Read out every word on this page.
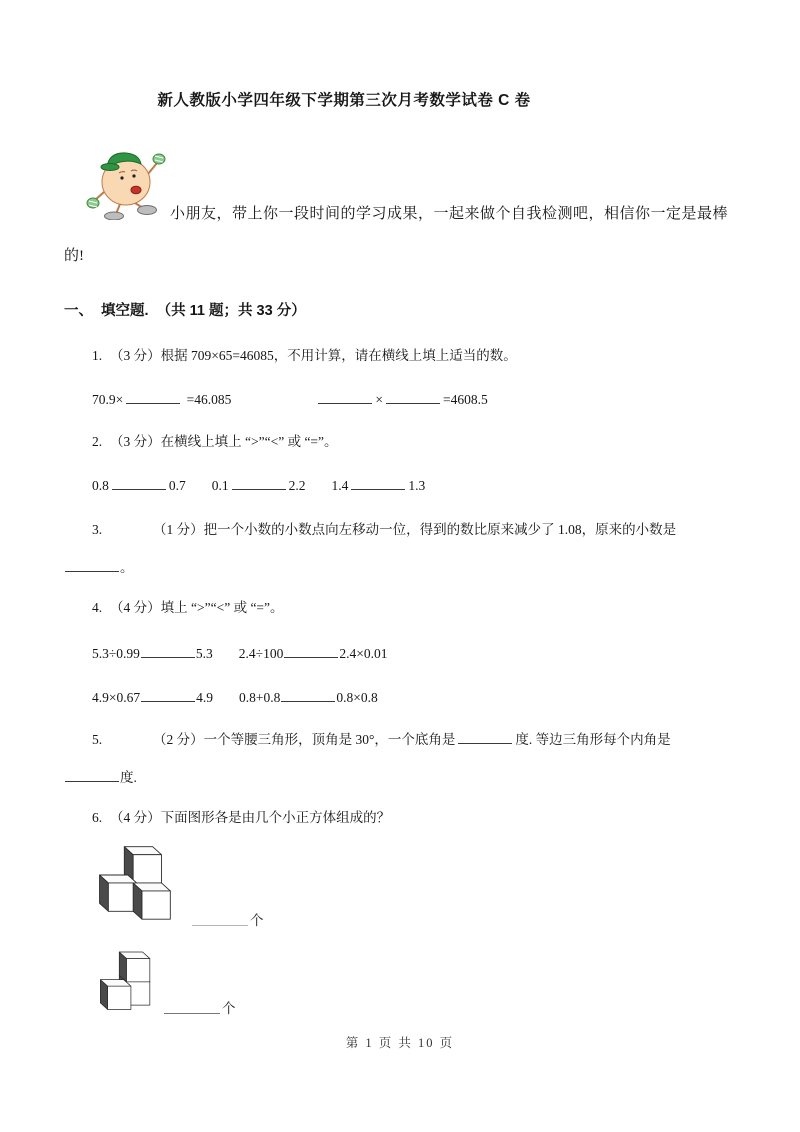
新人教版小学四年级下学期第三次月考数学试卷 C 卷
小朋友，带上你一段时间的学习成果，一起来做个自我检测吧，相信你一定是最棒
的!
一、  填空题.  （共 11 题；共 33 分）
1. （3 分）根据 709×65=46085，不用计算，请在横线上填上适当的数。
70.9×	=46.085	×	=4608.5
2. （3 分）在横线上填上 “>”“<” 或 “=”。
0.8	0.7 0.1	2.2 1.4	1.3
3.	（1 分）把一个小数的小数点向左移动一位，得到的数比原来减少了 1.08，原来的小数是
。
4. （4 分）填上 “>”“<” 或 “=”。
5.3÷0.99	5.3 2.4÷100	2.4×0.01
4.9×0.67	4.9 0.8+0.8	0.8×0.8
5.	（2 分）一个等腰三角形，顶角是 30°，一个底角是	度. 等边三角形每个内角是
度.
6. （4 分）下面图形各是由几个小正方体组成的？
个
个
第 1 页 共 10 页
